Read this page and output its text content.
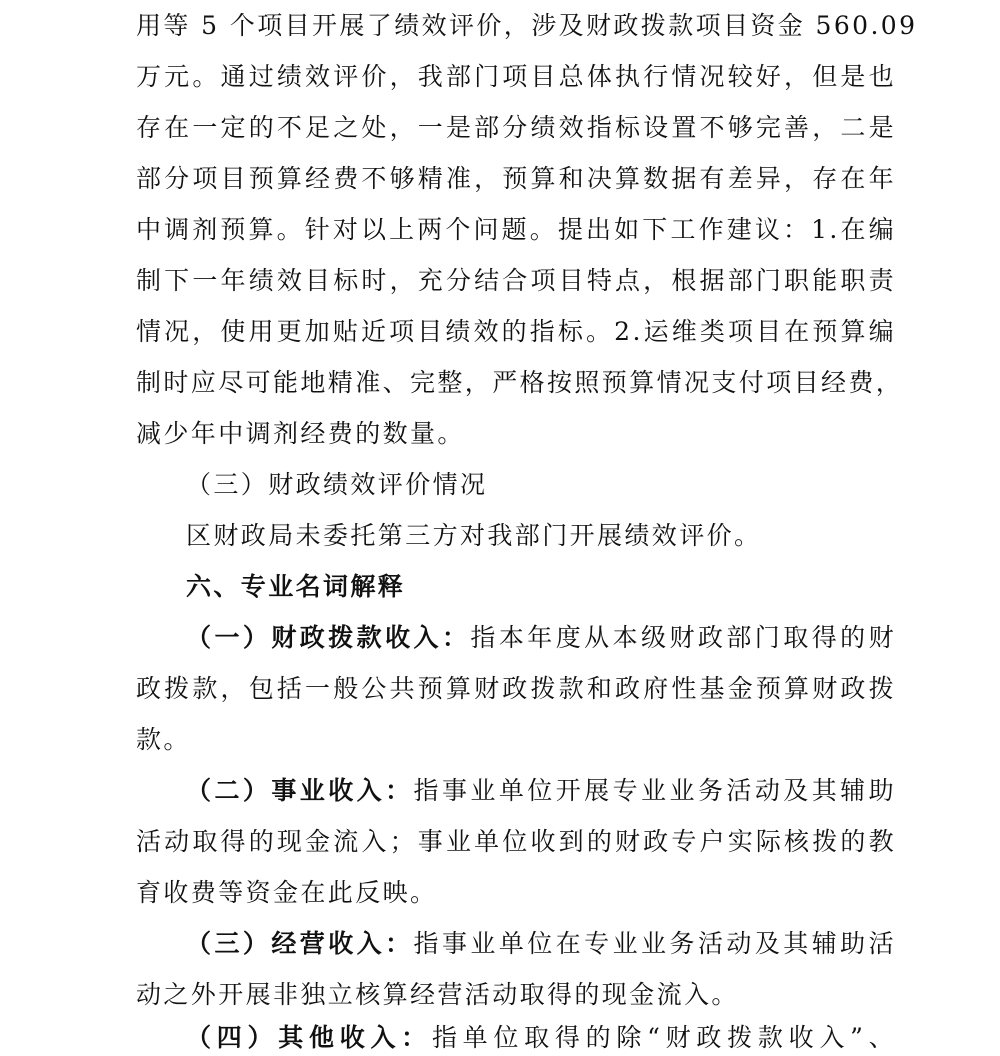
用等 5 个项目开展了绩效评价，涉及财政拨款项目资金 560.09

万元。通过绩效评价，我部门项目总体执行情况较好，但是也

存在一定的不足之处，一是部分绩效指标设置不够完善，二是

部分项目预算经费不够精准，预算和决算数据有差异，存在年

中调剂预算。针对以上两个问题。提出如下工作建议：1.在编

制下一年绩效目标时，充分结合项目特点，根据部门职能职责

情况，使用更加贴近项目绩效的指标。2.运维类项目在预算编

制时应尽可能地精准、完整，严格按照预算情况支付项目经费，

减少年中调剂经费的数量。

（三）财政绩效评价情况

区财政局未委托第三方对我部门开展绩效评价。

六、专业名词解释

（一）财政拨款收入：指本年度从本级财政部门取得的财

政拨款，包括一般公共预算财政拨款和政府性基金预算财政拨

款。

（二）事业收入：指事业单位开展专业业务活动及其辅助

活动取得的现金流入；事业单位收到的财政专户实际核拨的教

育收费等资金在此反映。

（三）经营收入：指事业单位在专业业务活动及其辅助活

动之外开展非独立核算经营活动取得的现金流入。

（四）其他收入：指单位取得的除“财政拨款收入”、
